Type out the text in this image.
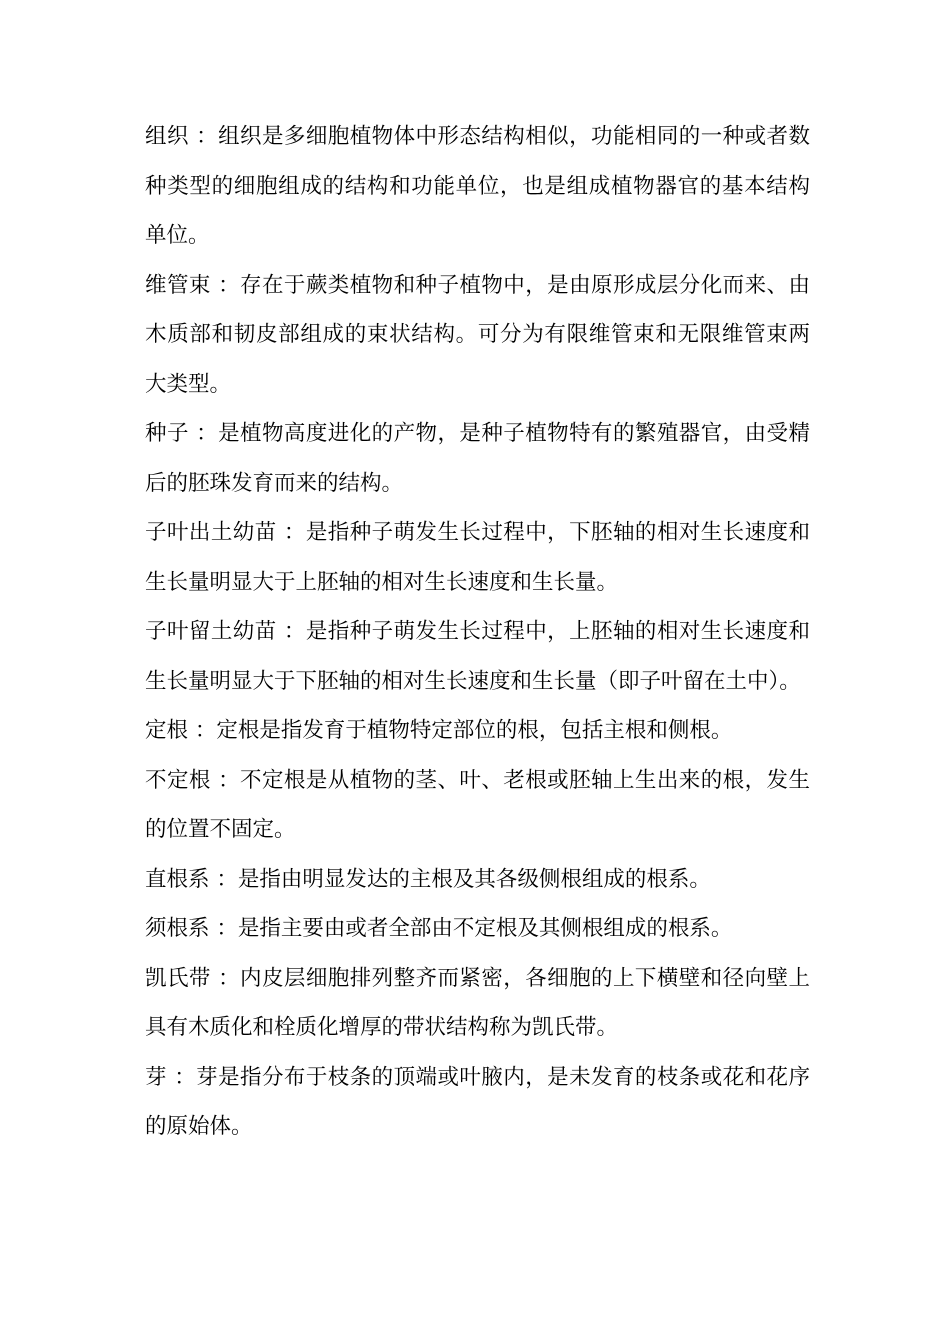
组织 ：组织是多细胞植物体中形态结构相似，功能相同的一种或者数种类型的细胞组成的结构和功能单位，也是组成植物器官的基本结构单位。

维管束 ：存在于蕨类植物和种子植物中，是由原形成层分化而来、由木质部和韧皮部组成的束状结构。可分为有限维管束和无限维管束两大类型。

种子 ：是植物高度进化的产物，是种子植物特有的繁殖器官，由受精后的胚珠发育而来的结构。

子叶出土幼苗 ：是指种子萌发生长过程中，下胚轴的相对生长速度和生长量明显大于上胚轴的相对生长速度和生长量。

子叶留土幼苗 ：是指种子萌发生长过程中，上胚轴的相对生长速度和生长量明显大于下胚轴的相对生长速度和生长量（即子叶留在土中）。

定根 ：定根是指发育于植物特定部位的根，包括主根和侧根。

不定根 ：不定根是从植物的茎、叶、老根或胚轴上生出来的根，发生的位置不固定。

直根系 ：是指由明显发达的主根及其各级侧根组成的根系。

须根系 ：是指主要由或者全部由不定根及其侧根组成的根系。

凯氏带 ：内皮层细胞排列整齐而紧密，各细胞的上下横壁和径向壁上具有木质化和栓质化增厚的带状结构称为凯氏带。

芽 ：芽是指分布于枝条的顶端或叶腋内，是未发育的枝条或花和花序的原始体。
